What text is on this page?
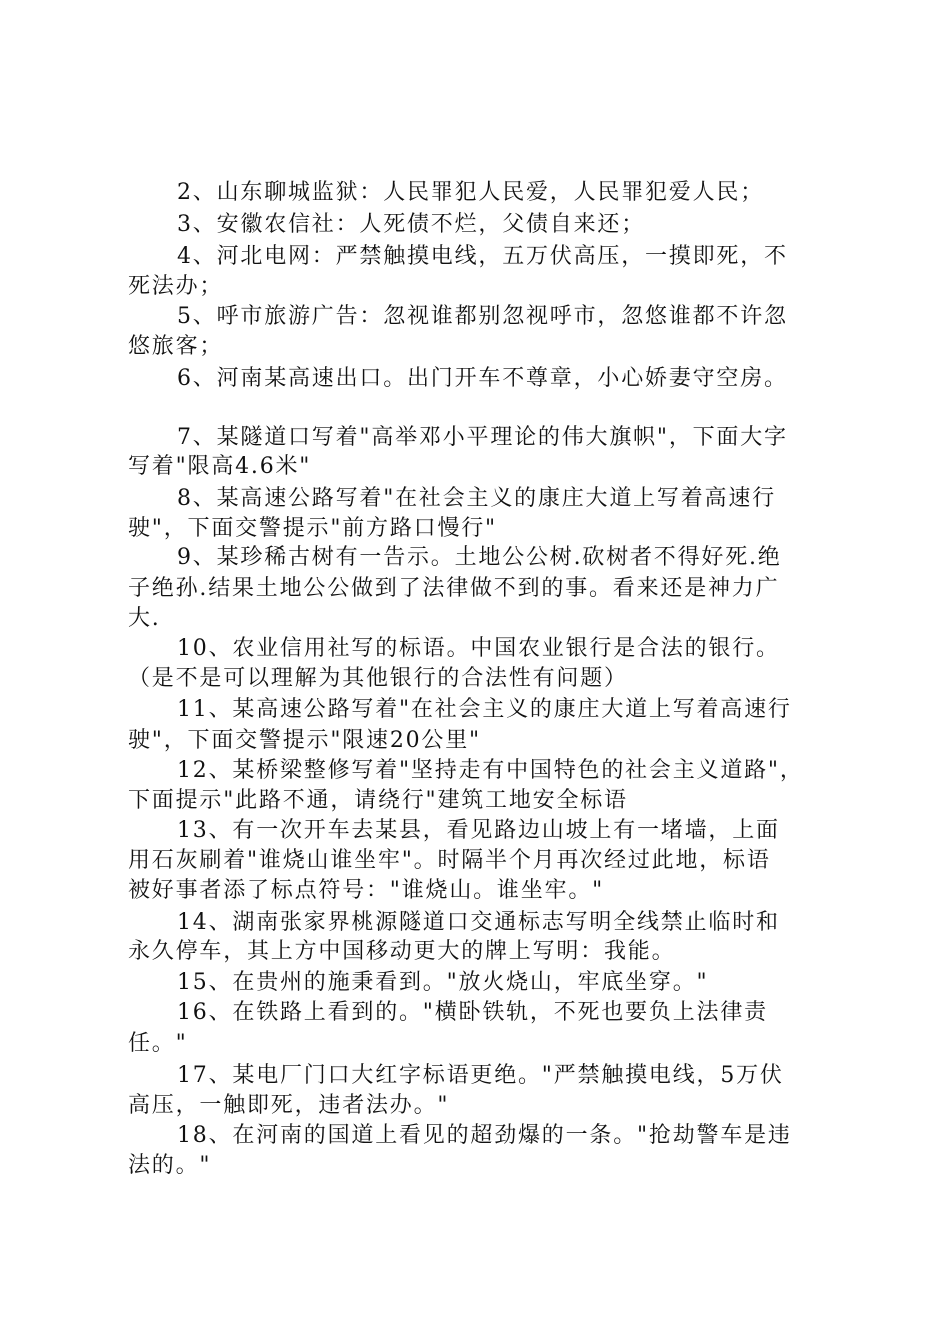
2、山东聊城监狱：人民罪犯人民爱，人民罪犯爱人民；
3、安徽农信社：人死债不烂，父债自来还；
4、河北电网：严禁触摸电线，五万伏高压，一摸即死，不
死法办；
5、呼市旅游广告：忽视谁都别忽视呼市，忽悠谁都不许忽
悠旅客；
6、河南某高速出口。出门开车不尊章，小心娇妻守空房。
7、某隧道口写着"高举邓小平理论的伟大旗帜"，下面大字
写着"限高4.6米"
8、某高速公路写着"在社会主义的康庄大道上写着高速行
驶"，下面交警提示"前方路口慢行"
9、某珍稀古树有一告示。土地公公树.砍树者不得好死.绝
子绝孙.结果土地公公做到了法律做不到的事。看来还是神力广
大.
10、农业信用社写的标语。中国农业银行是合法的银行。
（是不是可以理解为其他银行的合法性有问题）
11、某高速公路写着"在社会主义的康庄大道上写着高速行
驶"，下面交警提示"限速20公里"
12、某桥梁整修写着"坚持走有中国特色的社会主义道路"，
下面提示"此路不通，请绕行"建筑工地安全标语
13、有一次开车去某县，看见路边山坡上有一堵墙，上面
用石灰刷着"谁烧山谁坐牢"。时隔半个月再次经过此地，标语
被好事者添了标点符号："谁烧山。谁坐牢。"
14、湖南张家界桃源隧道口交通标志写明全线禁止临时和
永久停车，其上方中国移动更大的牌上写明：我能。
15、在贵州的施秉看到。"放火烧山，牢底坐穿。"
16、在铁路上看到的。"横卧铁轨，不死也要负上法律责
任。"
17、某电厂门口大红字标语更绝。"严禁触摸电线，5万伏
高压，一触即死，违者法办。"
18、在河南的国道上看见的超劲爆的一条。"抢劫警车是违
法的。"
